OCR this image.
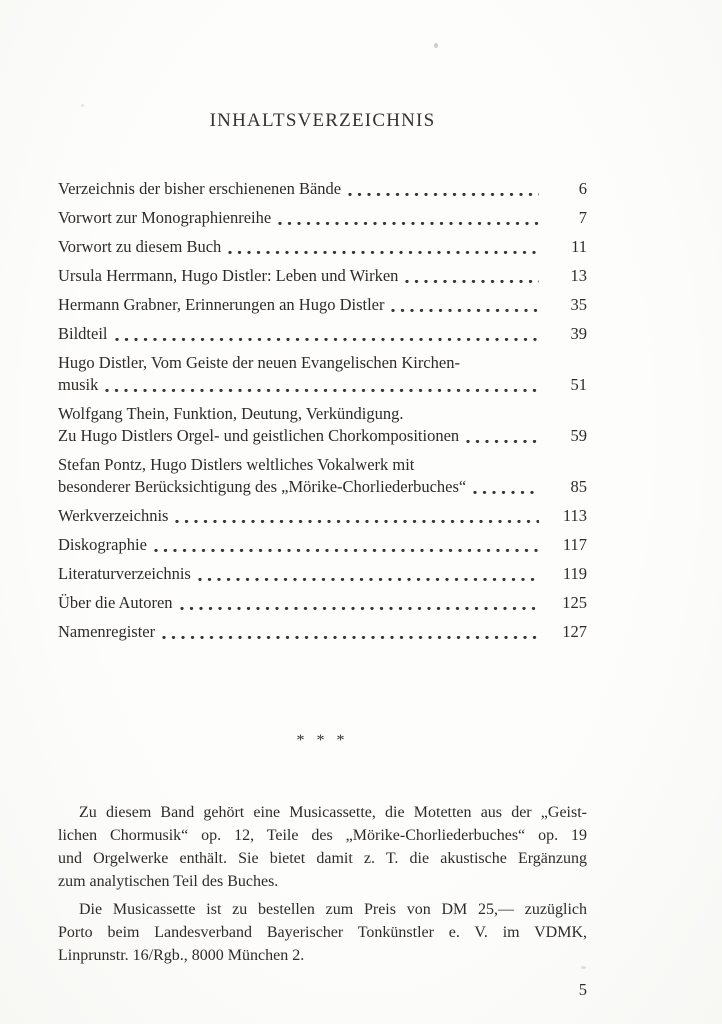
INHALTSVERZEICHNIS
Verzeichnis der bisher erschienenen Bände	6
Vorwort zur Monographienreihe	7
Vorwort zu diesem Buch	11
Ursula Herrmann, Hugo Distler: Leben und Wirken	13
Hermann Grabner, Erinnerungen an Hugo Distler	35
Bildteil	39
Hugo Distler, Vom Geiste der neuen Evangelischen Kirchen-
musik	51
Wolfgang Thein, Funktion, Deutung, Verkündigung.
Zu Hugo Distlers Orgel- und geistlichen Chorkompositionen	59
Stefan Pontz, Hugo Distlers weltliches Vokalwerk mit
besonderer Berücksichtigung des „Mörike-Chorliederbuches“	85
Werkverzeichnis	113
Diskographie	117
Literaturverzeichnis	119
Über die Autoren	125
Namenregister	127
* * *
Zu diesem Band gehört eine Musicassette, die Motetten aus der „Geist-
lichen Chormusik“ op. 12, Teile des „Mörike-Chorliederbuches“ op. 19
und Orgelwerke enthält. Sie bietet damit z. T. die akustische Ergänzung
zum analytischen Teil des Buches.
Die Musicassette ist zu bestellen zum Preis von DM 25,— zuzüglich
Porto beim Landesverband Bayerischer Tonkünstler e. V. im VDMK,
Linprunstr. 16/Rgb., 8000 München 2.
5
